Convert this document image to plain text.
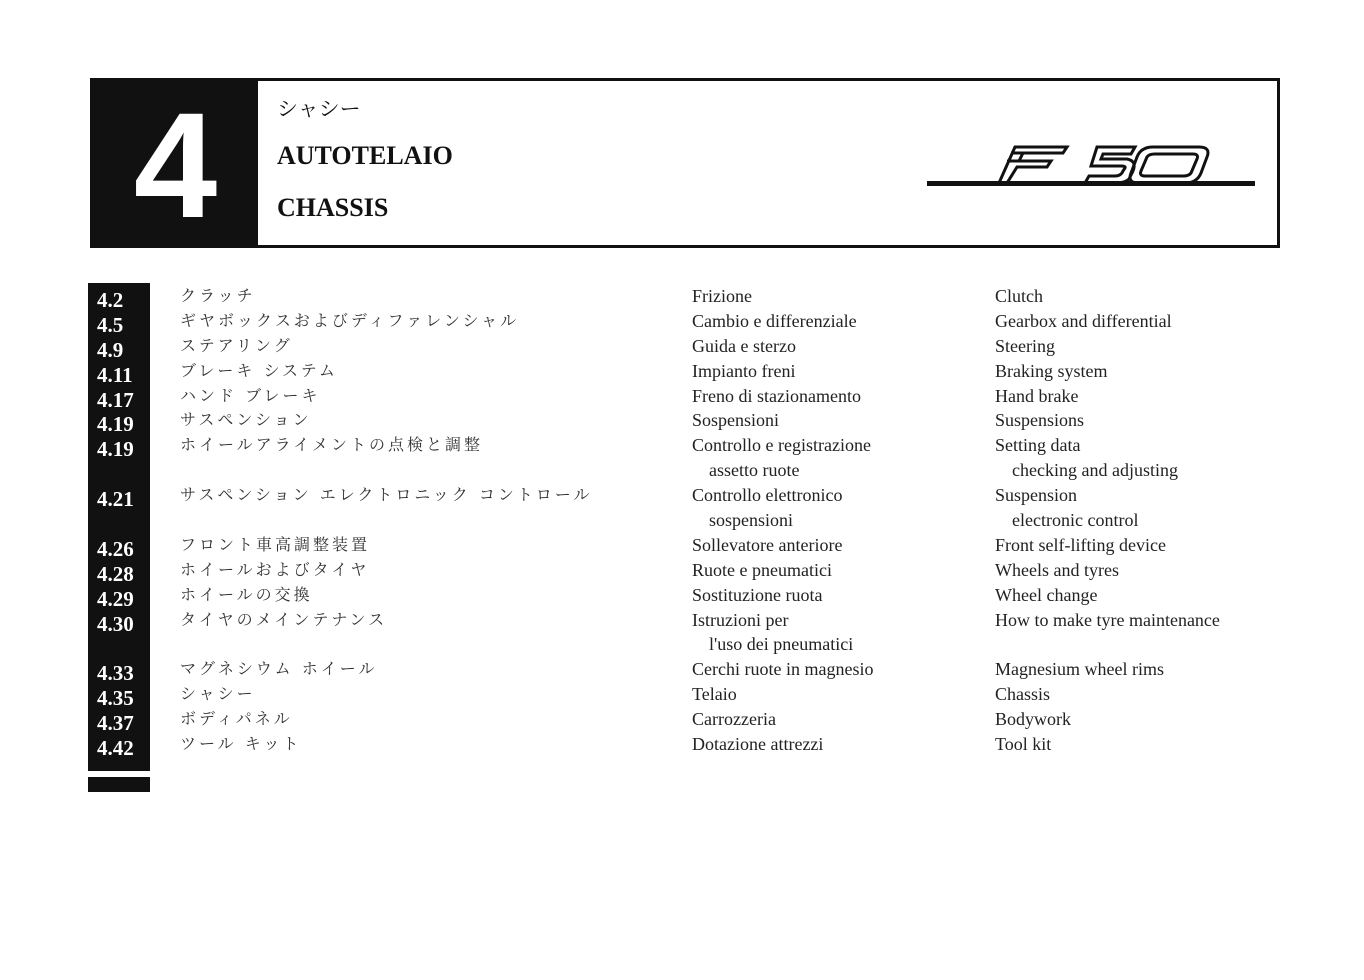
4	シャシー
AUTOTELAIO
CHASSIS
F50
4.2	クラッチ	Frizione	Clutch
4.5	ギヤボックスおよびディファレンシャル	Cambio e differenziale	Gearbox and differential
4.9	ステアリング	Guida e sterzo	Steering
4.11	ブレーキ システム	Impianto freni	Braking system
4.17	ハンド ブレーキ	Freno di stazionamento	Hand brake
4.19	サスペンション	Sospensioni	Suspensions
4.19	ホイールアライメントの点検と調整	Controllo e registrazione	Setting data
assetto ruote	checking and adjusting
4.21	サスペンション エレクトロニック コントロール	Controllo elettronico	Suspension
sospensioni	electronic control
4.26	フロント車高調整装置	Sollevatore anteriore	Front self-lifting device
4.28	ホイールおよびタイヤ	Ruote e pneumatici	Wheels and tyres
4.29	ホイールの交換	Sostituzione ruota	Wheel change
4.30	タイヤのメインテナンス	Istruzioni per	How to make tyre maintenance
l'uso dei pneumatici
4.33	マグネシウム ホイール	Cerchi ruote in magnesio	Magnesium wheel rims
4.35	シャシー	Telaio	Chassis
4.37	ボディパネル	Carrozzeria	Bodywork
4.42	ツール キット	Dotazione attrezzi	Tool kit
